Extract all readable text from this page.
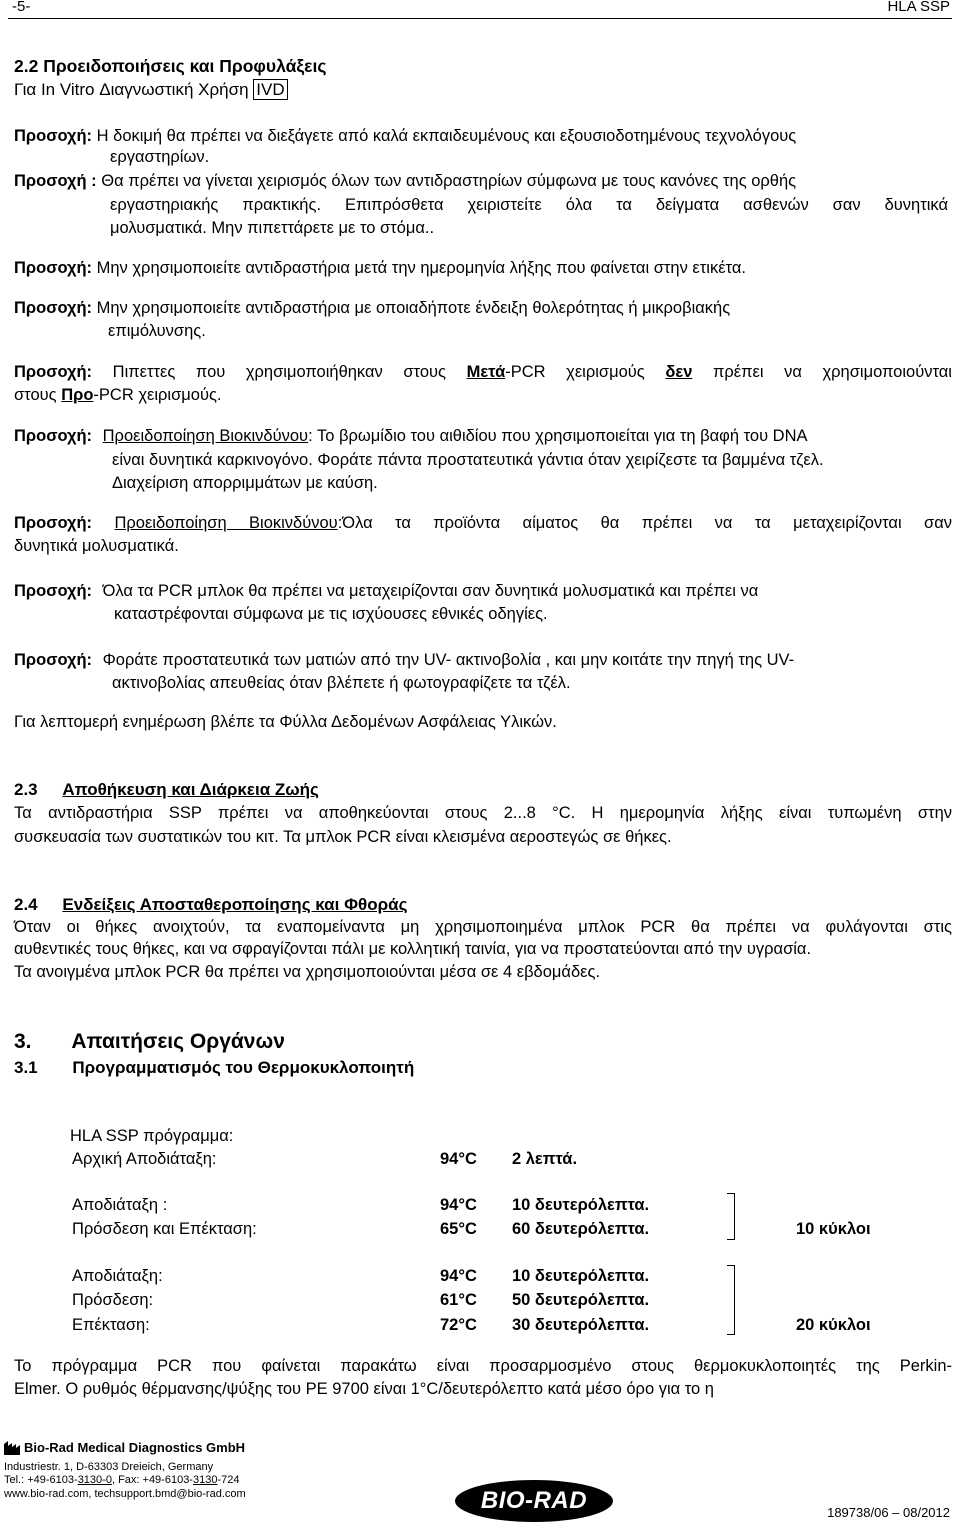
-5-	HLA SSP
2.2 Προειδοποιήσεις και Προφυλάξεις
Για In Vitro Διαγνωστική Χρήση IVD
Προσοχή: Η δοκιμή θα πρέπει να διεξάγετε από καλά εκπαιδευμένους και εξουσιοδοτημένους τεχνολόγους
εργαστηρίων.
Προσοχή : Θα πρέπει να γίνεται χειρισμός όλων των αντιδραστηρίων σύμφωνα με τους κανόνες της ορθής
εργαστηριακής πρακτικής. Επιπρόσθετα χειριστείτε όλα τα δείγματα ασθενών σαν δυνητικά
μολυσματικά. Μην πιπεττάρετε με το στόμα..
Προσοχή: Μην χρησιμοποιείτε αντιδραστήρια μετά την ημερομηνία λήξης που φαίνεται στην ετικέτα.
Προσοχή: Μην χρησιμοποιείτε αντιδραστήρια με οποιαδήποτε ένδειξη θολερότητας ή μικροβιακής
επιμόλυνσης.
Προσοχή: Πιπεττες που χρησιμοποιήθηκαν στους Μετά-PCR χειρισμούς δεν πρέπει να χρησιμοποιούνται
στους Προ-PCR χειρισμούς.
Προσοχή: Προειδοποίηση Βιοκινδύνου: Το βρωμίδιο του αιθιδίου που χρησιμοποιείται για τη βαφή του DNA
είναι δυνητικά καρκινογόνο. Φοράτε πάντα προστατευτικά γάντια όταν χειρίζεστε τα βαμμένα τζελ.
Διαχείριση απορριμμάτων με καύση.
Προσοχή: Προειδοποίηση Βιοκινδύνου:Όλα τα προϊόντα αίματος θα πρέπει να τα μεταχειρίζονται σαν
δυνητικά μολυσματικά.
Προσοχή: Όλα τα PCR μπλοκ θα πρέπει να μεταχειρίζονται σαν δυνητικά μολυσματικά και πρέπει να
καταστρέφονται σύμφωνα με τις ισχύουσες εθνικές οδηγίες.
Προσοχή: Φοράτε προστατευτικά των ματιών από την UV- ακτινοβολία , και μην κοιτάτε την πηγή της UV-
ακτινοβολίας απευθείας όταν βλέπετε ή φωτογραφίζετε τα τζέλ.
Για λεπτομερή ενημέρωση βλέπε τα Φύλλα Δεδομένων Ασφάλειας Υλικών.
2.3 Αποθήκευση και Διάρκεια Ζωής
Τα αντιδραστήρια SSP πρέπει να αποθηκεύονται στους 2...8 °C. Η ημερομηνία λήξης είναι τυπωμένη στην
συσκευασία των συστατικών του κιτ. Τα μπλοκ PCR είναι κλεισμένα αεροστεγώς σε θήκες.
2.4 Ενδείξεις Αποσταθεροποίησης και Φθοράς
Όταν οι θήκες ανοιχτούν, τα εναπομείναντα μη χρησιμοποιημένα μπλοκ PCR θα πρέπει να φυλάγονται στις
αυθεντικές τους θήκες, και να σφραγίζονται πάλι με κολλητική ταινία, για να προστατεύονται από την υγρασία.
Τα ανοιγμένα μπλοκ PCR θα πρέπει να χρησιμοποιούνται μέσα σε 4 εβδομάδες.
3. Απαιτήσεις Οργάνων
3.1 Προγραμματισμός του Θερμοκυκλοποιητή
HLA SSP πρόγραμμα:
Αρχική Αποδιάταξη:	94°C 2 λεπτά.
Αποδιάταξη :	94°C 10 δευτερόλεπτα.
Πρόσδεση και Επέκταση:	65°C 60 δευτερόλεπτα.	10 κύκλοι
Αποδιάταξη:	94°C 10 δευτερόλεπτα.
Πρόσδεση:	61°C 50 δευτερόλεπτα.
Επέκταση:	72°C 30 δευτερόλεπτα.	20 κύκλοι
Το πρόγραμμα PCR που φαίνεται παρακάτω είναι προσαρμοσμένο στους θερμοκυκλοποιητές της Perkin-
Elmer. Ο ρυθμός θέρμανσης/ψύξης του PE 9700 είναι 1°C/δευτερόλεπτο κατά μέσο όρο για το η
Bio-Rad Medical Diagnostics GmbH
Industriestr. 1, D-63303 Dreieich, Germany
Tel.: +49-6103-3130-0, Fax: +49-6103-3130-724
www.bio-rad.com, techsupport.bmd@bio-rad.com	BIO-RAD	189738/06 – 08/2012
